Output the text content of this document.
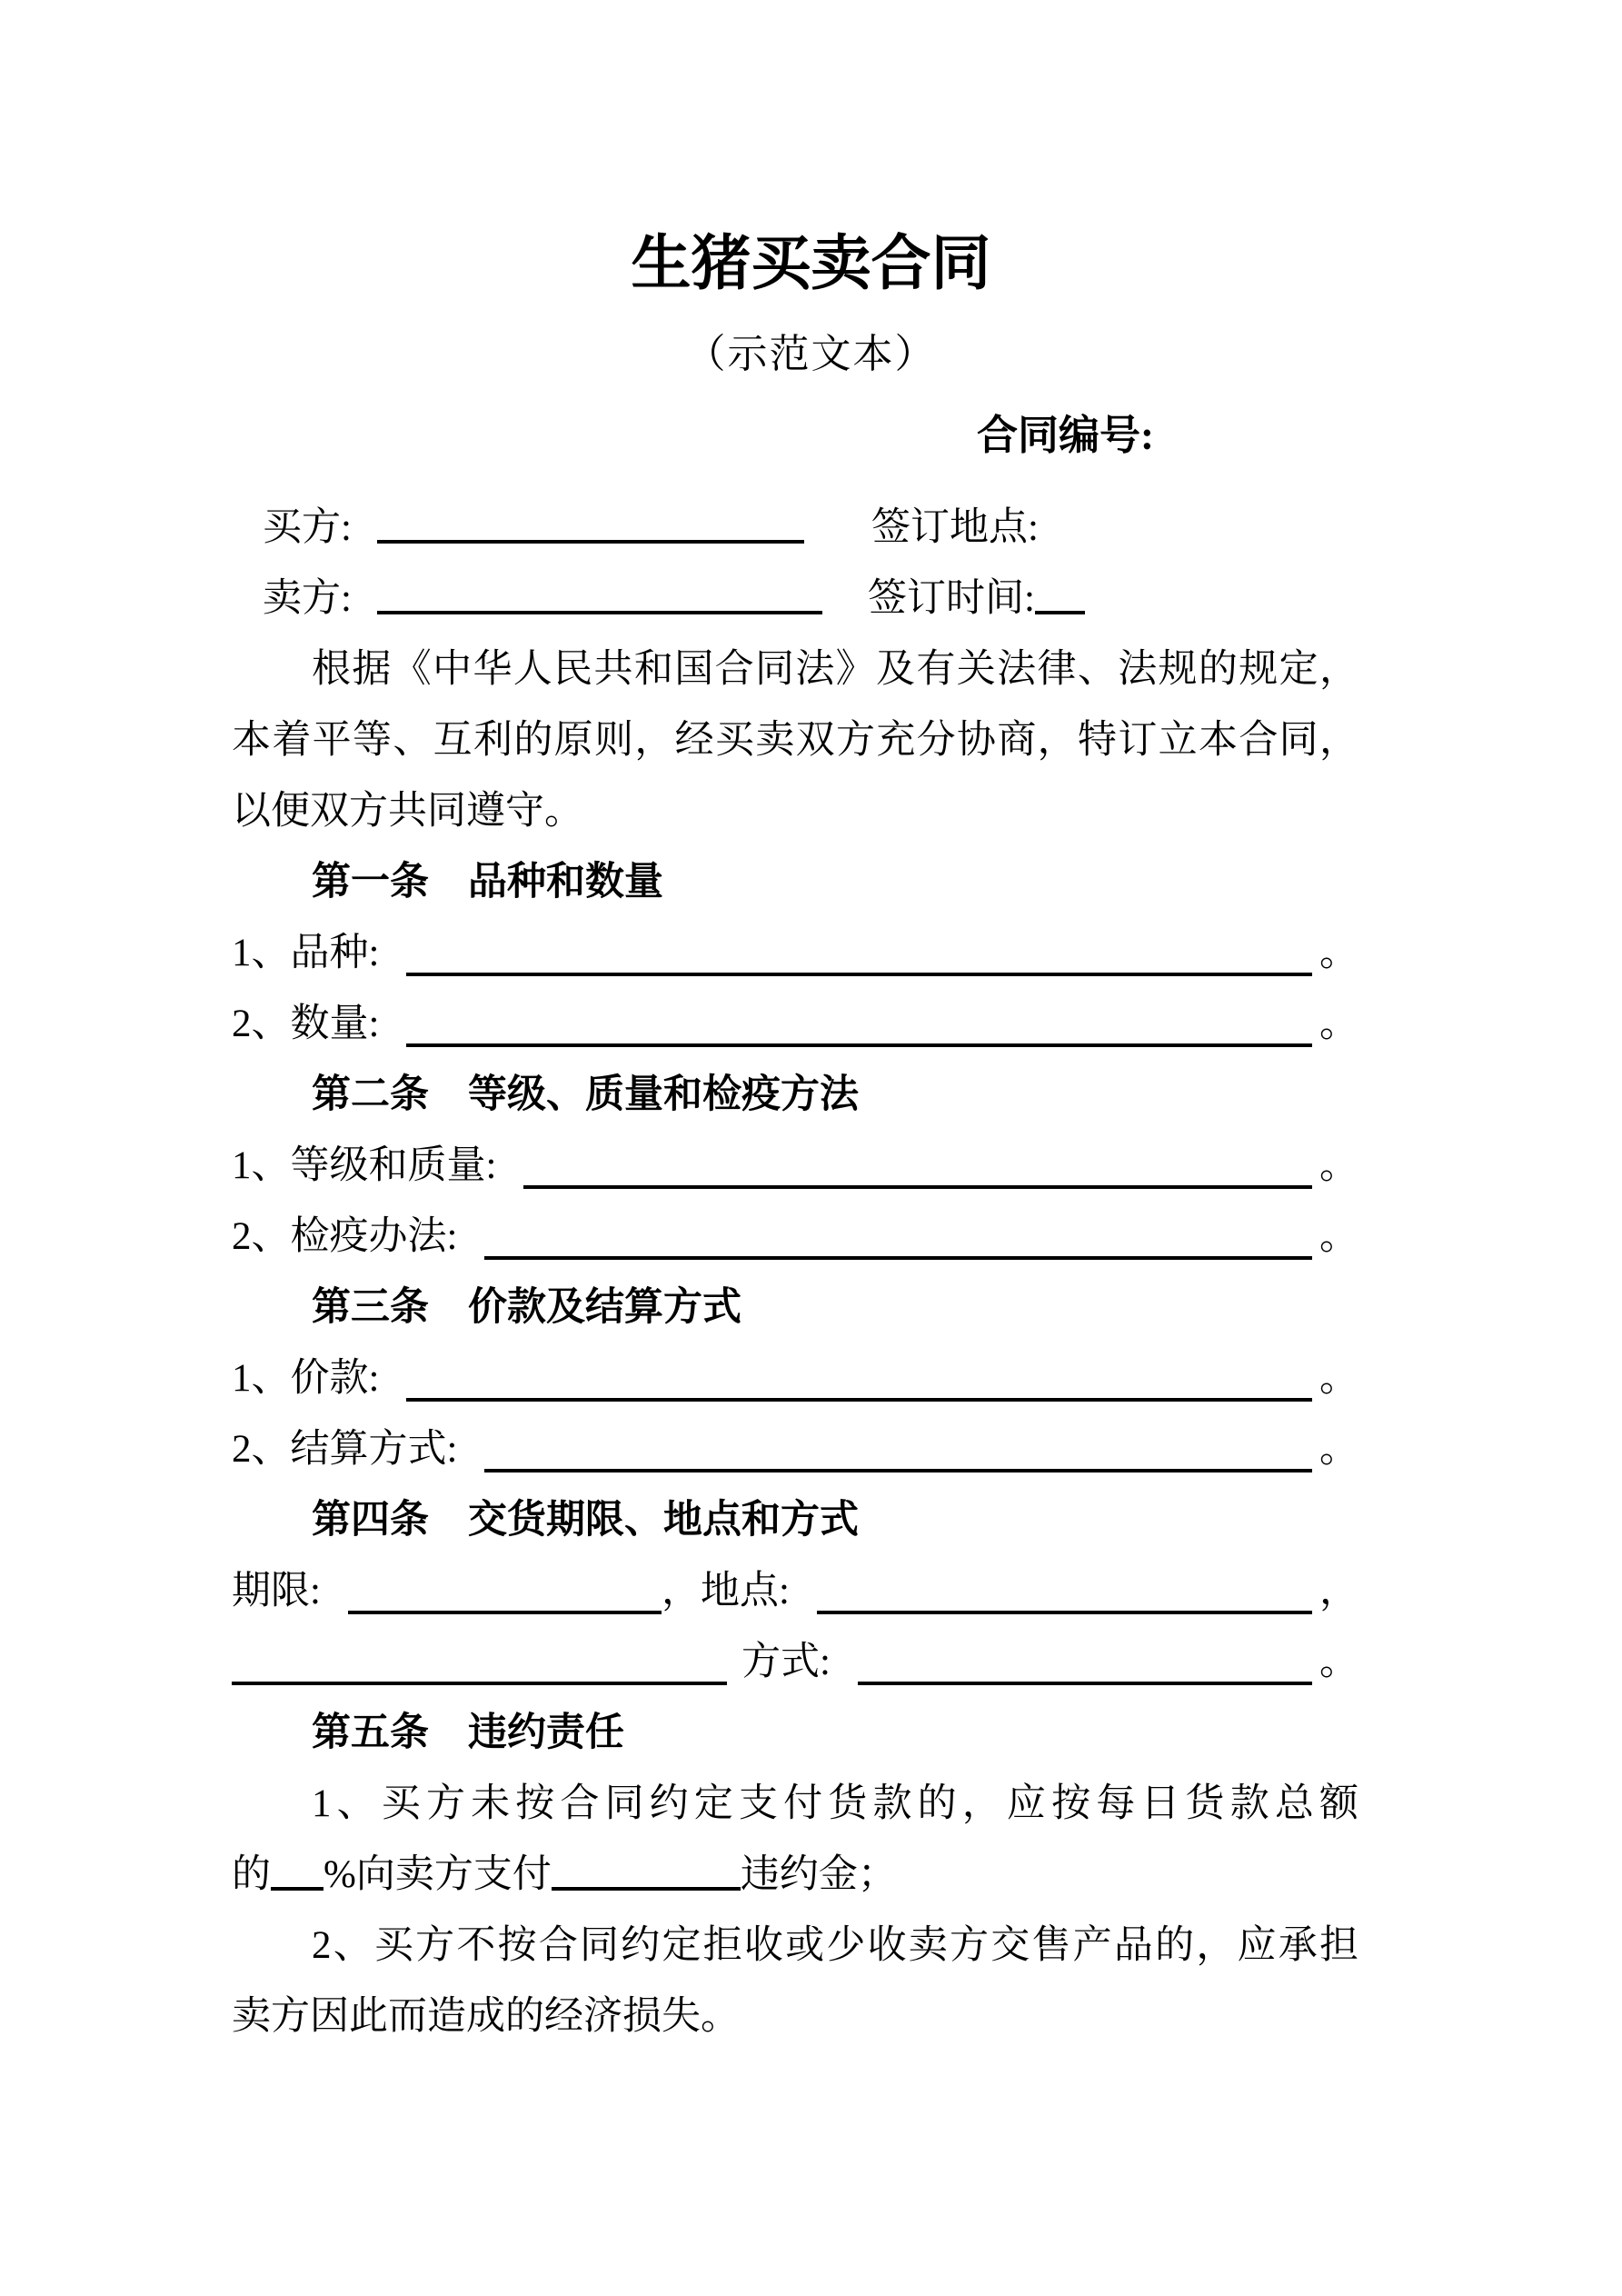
生猪买卖合同
（示范文本）
合同编号:
买方:	签订地点:
卖方:	签订时间:
根据《中华人民共和国合同法》及有关法律、法规的规定，
本着平等、互利的原则，经买卖双方充分协商，特订立本合同，
以便双方共同遵守。
第一条　品种和数量
1、品种:	。
2、数量:	。
第二条　等级、质量和检疫方法
1、等级和质量:	。
2、检疫办法:	。
第三条　价款及结算方式
1、价款:	。
2、结算方式:	。
第四条　交货期限、地点和方式
期限:	， 地点:	，
方式:	。
第五条　违约责任
1、买方未按合同约定支付货款的，应按每日货款总额
的 %向卖方支付	违约金；
2、买方不按合同约定拒收或少收卖方交售产品的，应承担
卖方因此而造成的经济损失。
